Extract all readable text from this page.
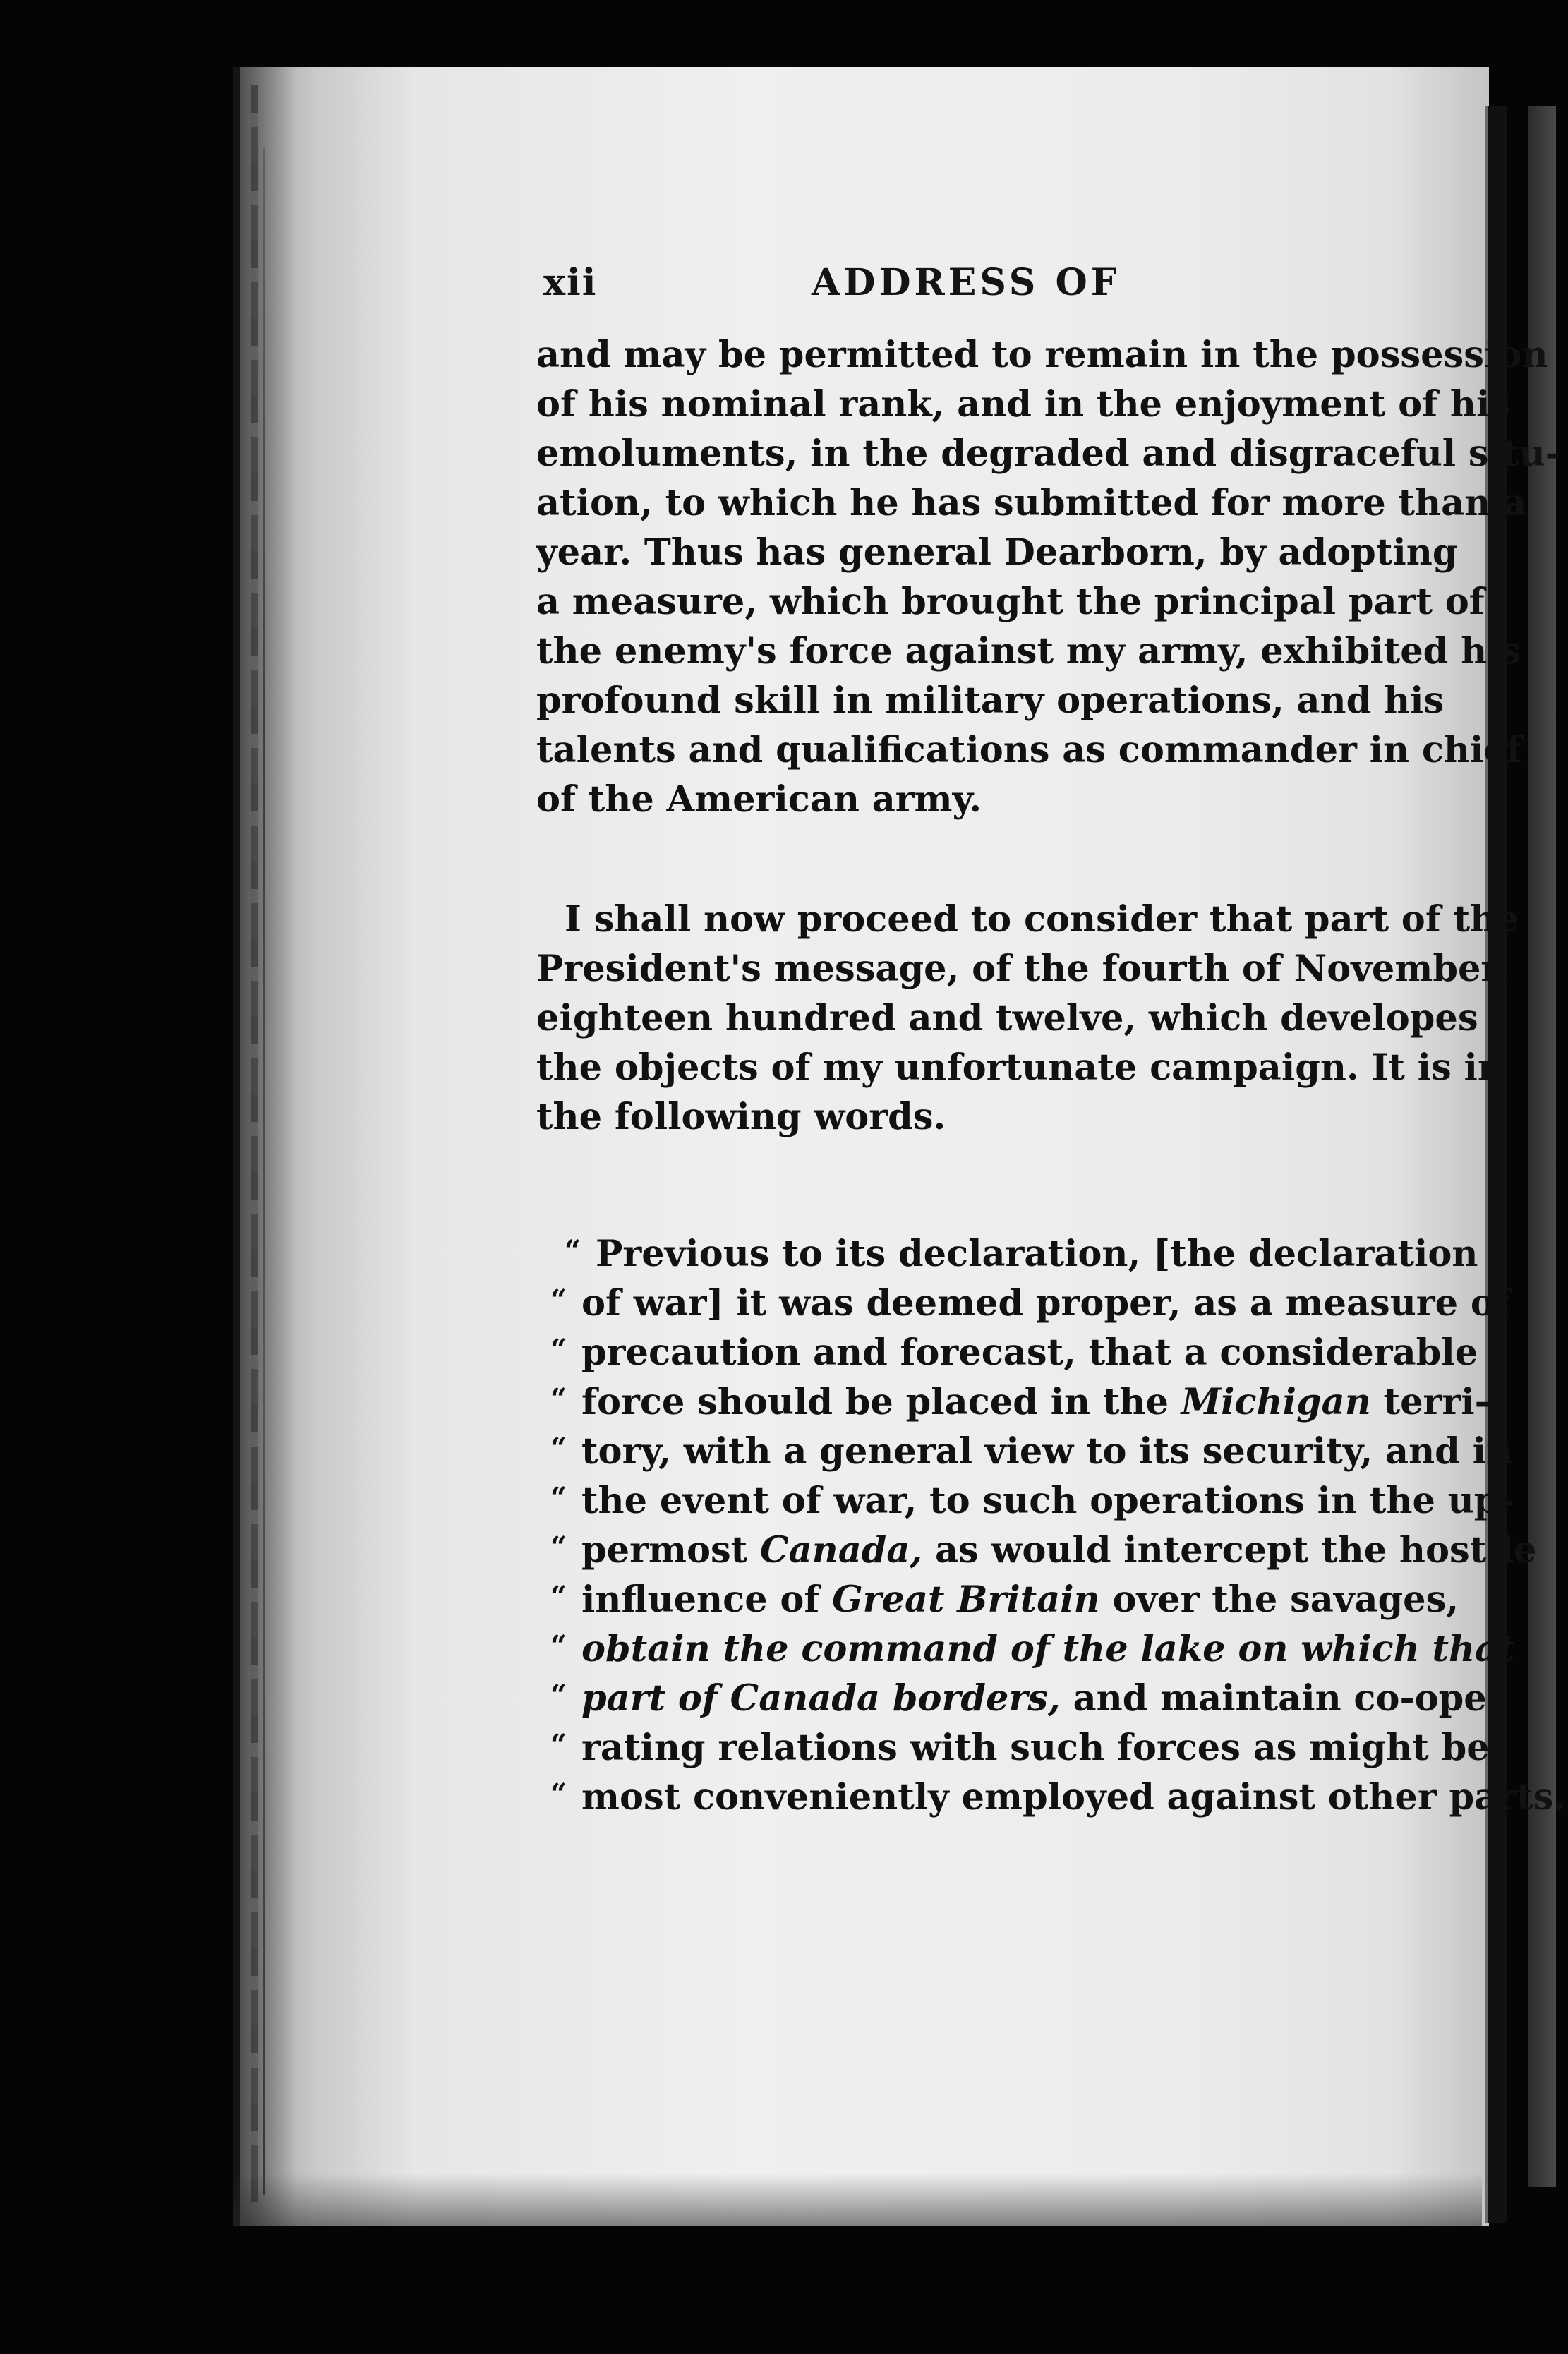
xii	ADDRESS OF
and may be permitted to remain in the possession
of his nominal rank, and in the enjoyment of his
emoluments, in the degraded and disgraceful situ-
ation, to which he has submitted for more than a
year. Thus has general Dearborn, by adopting
a measure, which brought the principal part of
the enemy's force against my army, exhibited his
profound skill in military operations, and his
talents and qualifications as commander in chief
of the American army.
I shall now proceed to consider that part of the
President's message, of the fourth of November,
eighteen hundred and twelve, which developes
the objects of my unfortunate campaign. It is in
the following words.
“ Previous to its declaration, [the declaration
“ of war] it was deemed proper, as a measure of
“ precaution and forecast, that a considerable
“ force should be placed in the Michigan terri-
“ tory, with a general view to its security, and in
“ the event of war, to such operations in the up-
“ permost Canada, as would intercept the hostile
“ influence of Great Britain over the savages,
“ obtain the command of the lake on which that
“ part of Canada borders, and maintain co-ope-
“ rating relations with such forces as might be
“ most conveniently employed against other parts.
